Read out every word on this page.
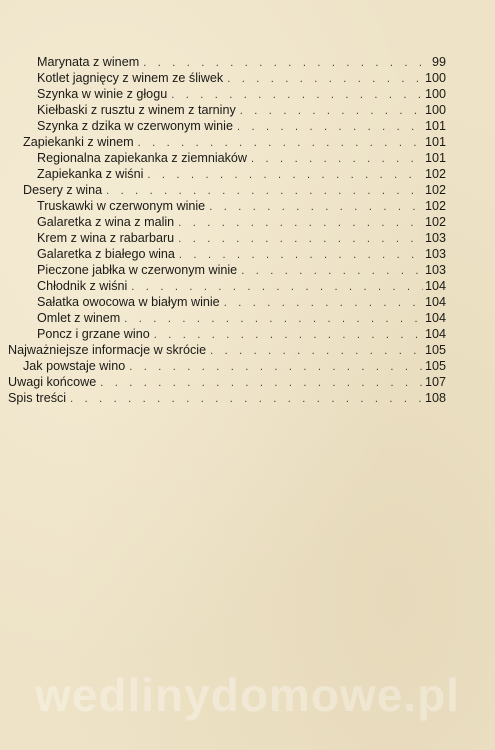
Marynata z winem . . .	99
Kotlet jagnięcy z winem ze śliwek . . .	100
Szynka w winie z głogu . . .	100
Kiełbaski z rusztu z winem z tarniny . . .	100
Szynka z dzika w czerwonym winie . . .	101
Zapiekanki z winem . . .	101
Regionalna zapiekanka z ziemniaków . . .	101
Zapiekanka z wiśni . . .	102
Desery z wina . . .	102
Truskawki w czerwonym winie . . .	102
Galaretka z wina z malin . . .	102
Krem z wina z rabarbaru . . .	103
Galaretka z białego wina . . .	103
Pieczone jabłka w czerwonym winie . . .	103
Chłodnik z wiśni . . .	104
Sałatka owocowa w białym winie . . .	104
Omlet z winem . . .	104
Poncz i grzane wino . . .	104
Najważniejsze informacje w skrócie . . .	105
Jak powstaje wino . . .	105
Uwagi końcowe . . .	107
Spis treści . . .	108
wedlinydomowe.pl
